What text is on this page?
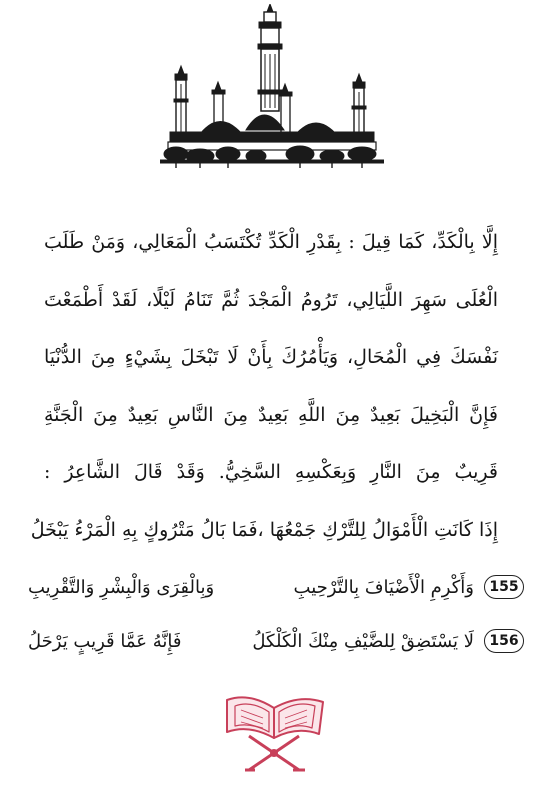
إِلَّا بِالْكَدِّ، كَمَا قِيلَ : بِقَدْرِ الْكَدِّ تُكْتَسَبُ الْمَعَالِي، وَمَنْ طَلَبَ
الْعُلَى سَهِرَ اللَّيَالِي، تَرُومُ الْمَجْدَ ثُمَّ تَنَامُ لَيْلًا، لَقَدْ أَطْمَعْتَ
نَفْسَكَ فِي الْمُحَالِ، وَيَأْمُرُكَ بِأَنْ لَا تَبْخَلَ بِشَيْءٍ مِنَ الدُّنْيَا
فَإِنَّ الْبَخِيلَ بَعِيدٌ مِنَ اللَّهِ بَعِيدٌ مِنَ النَّاسِ بَعِيدٌ مِنَ الْجَنَّةِ
قَرِيبٌ مِنَ النَّارِ وَبِعَكْسِهِ السَّخِيُّ. وَقَدْ قَالَ الشَّاعِرُ :
إِذَا كَانَتِ الْأَمْوَالُ لِلتَّرْكِ جَمْعُهَا ،فَمَا بَالُ مَتْرُوكٍ بِهِ الْمَرْءُ يَبْخَلُ
155
وَأَكْرِمِ الْأَضْيَافَ بِالتَّرْحِيبِ
وَبِالْقِرَى وَالْبِشْرِ وَالتَّقْرِيبِ
156
لَا يَسْتَضِقْ لِلضَّيْفِ مِنْكَ الْكَلْكَلُ
فَإِنَّهُ عَمَّا قَرِيبٍ يَرْحَلُ
